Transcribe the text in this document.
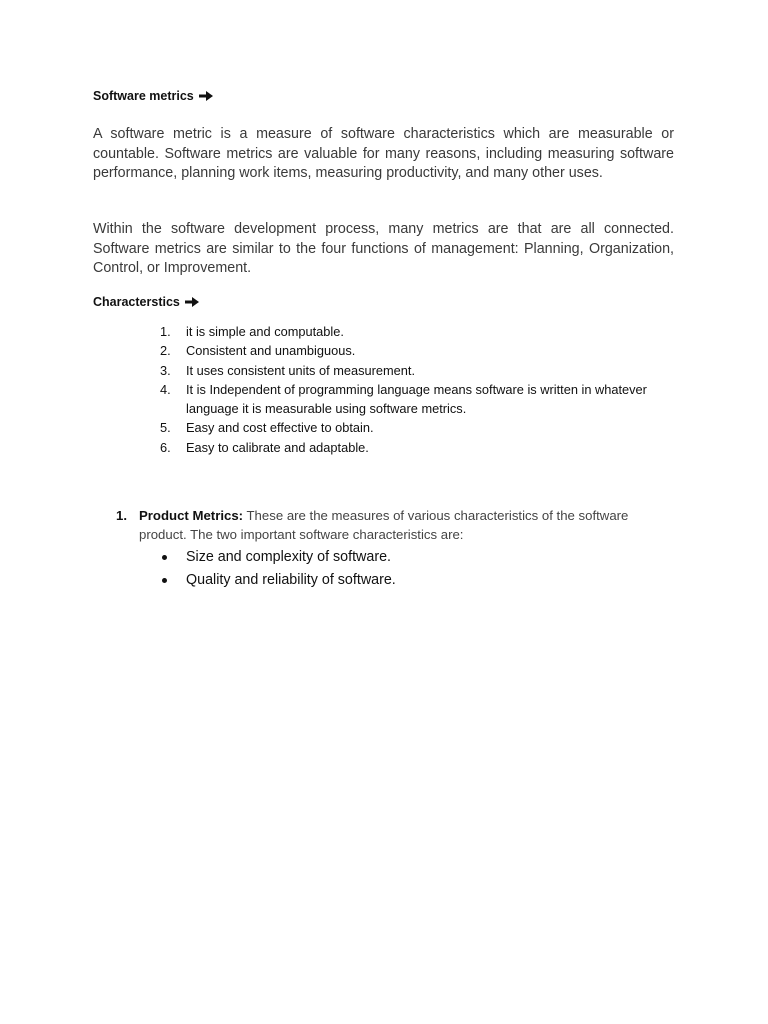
Software metrics

A software metric is a measure of software characteristics which are measurable or countable. Software metrics are valuable for many reasons, including measuring software performance, planning work items, measuring productivity, and many other uses.

Within the software development process, many metrics are that are all connected. Software metrics are similar to the four functions of management: Planning, Organization, Control, or Improvement.

Characterstics
1.	it is simple and computable.
2.	Consistent and unambiguous.
3.	It uses consistent units of measurement.
4.	It is Independent of programming language means software is written in whatever language it is measurable using software metrics.
5.	Easy and cost effective to obtain.
6.	Easy to calibrate and adaptable.
1. Product Metrics: These are the measures of various characteristics of the software product. The two important software characteristics are:
Size and complexity of software.
Quality and reliability of software.
